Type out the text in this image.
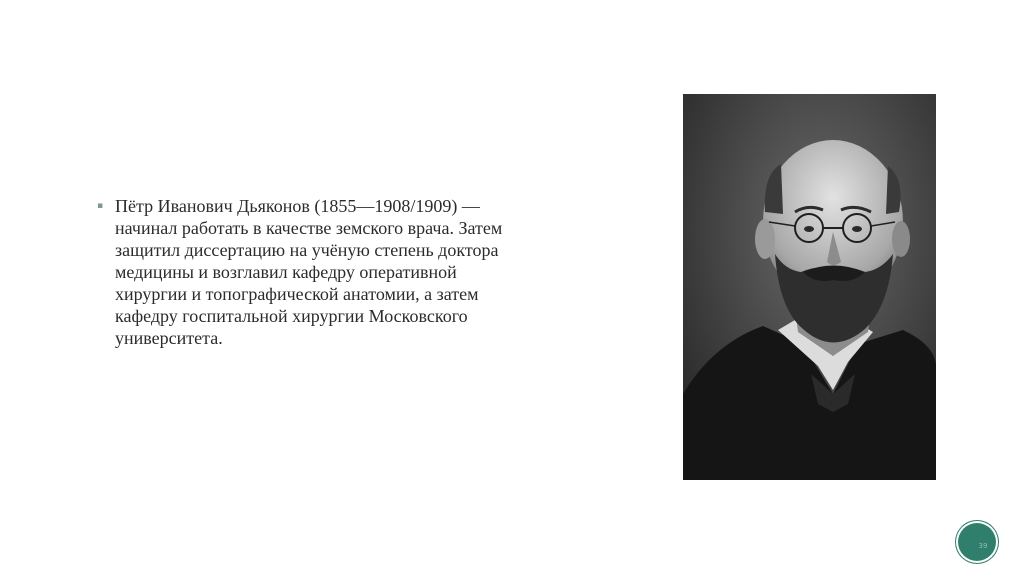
▪ Пётр Иванович Дьяконов (1855—1908/1909) —
начинал работать в качестве земского врача. Затем
защитил диссертацию на учёную степень доктора
медицины и возглавил кафедру оперативной
хирургии и топографической анатомии, а затем
кафедру госпитальной хирургии Московского
университета.
39
